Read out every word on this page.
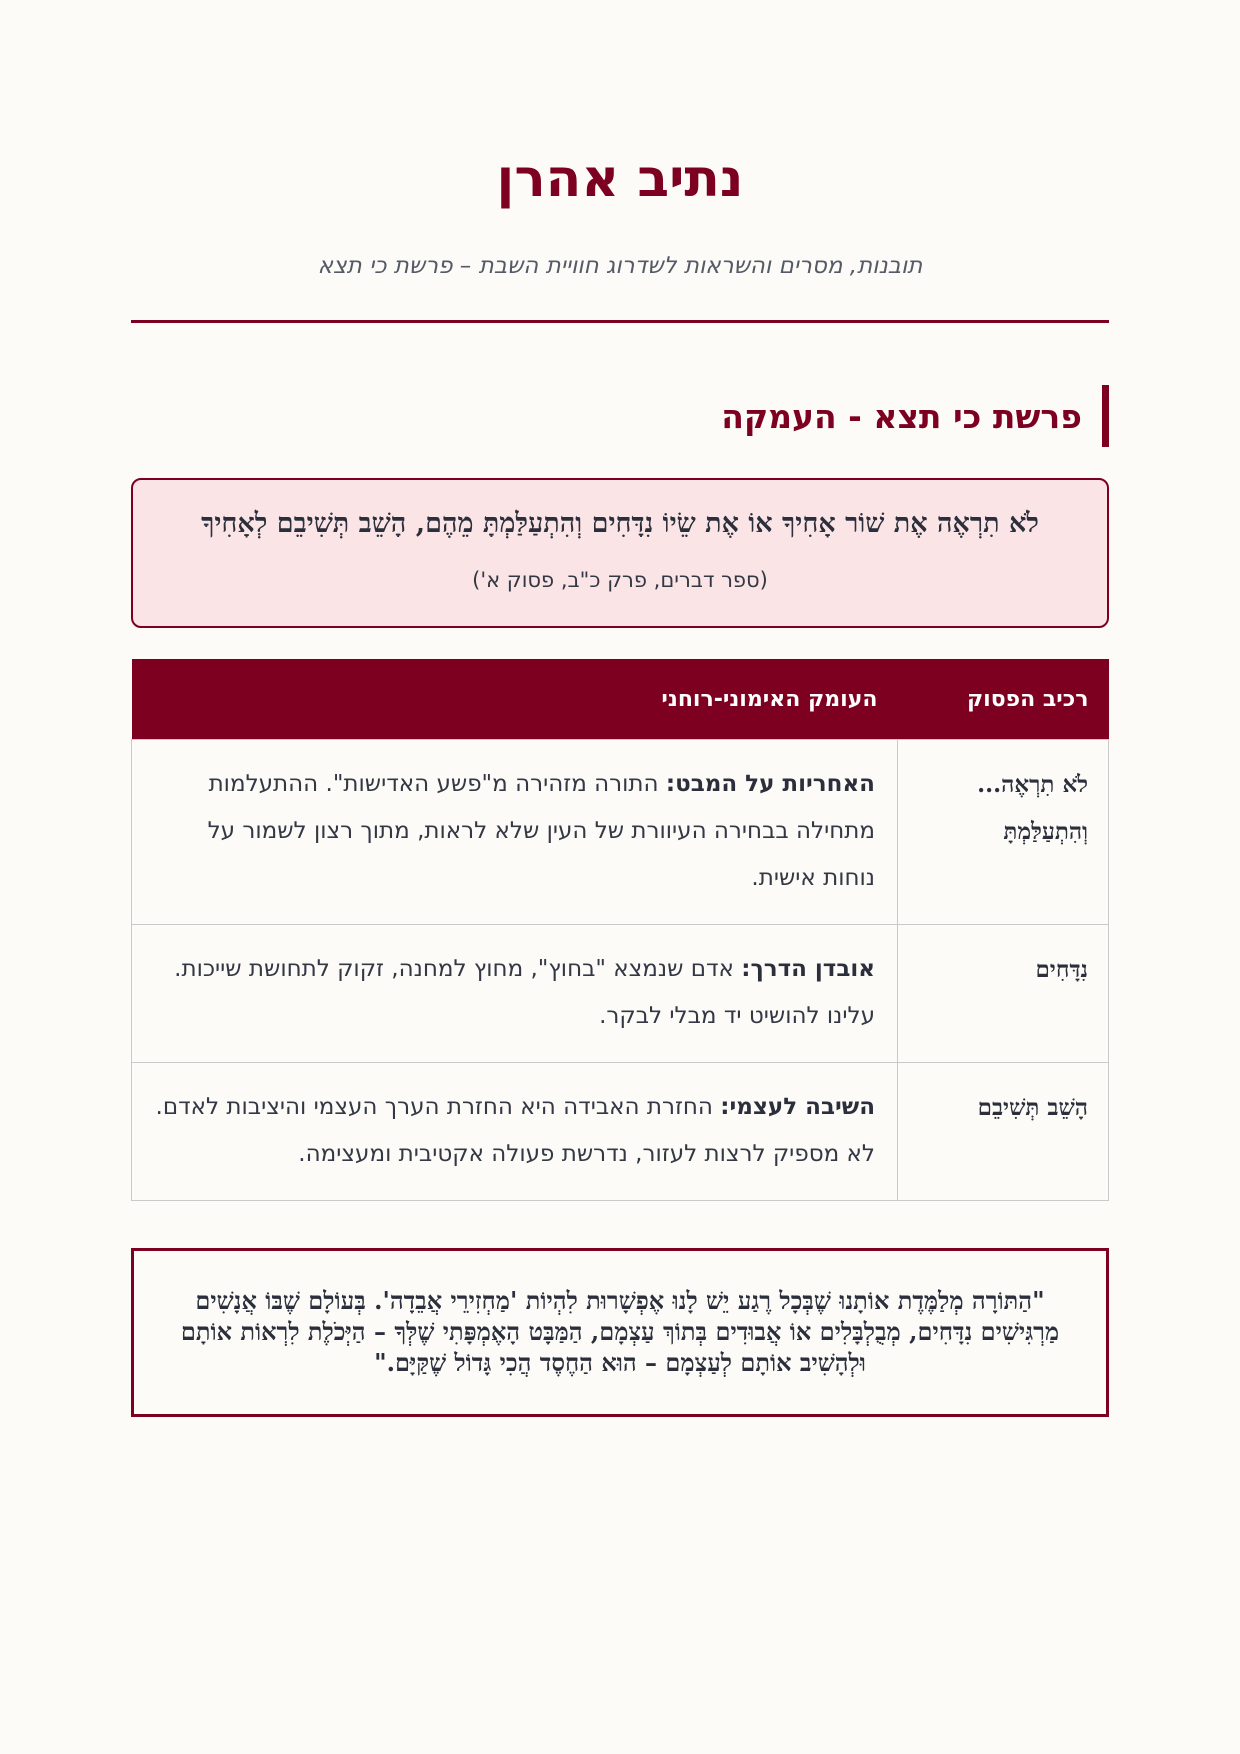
נתיב אהרן

תובנות, מסרים והשראות לשדרוג חוויית השבת – פרשת כי תצא

פרשת כי תצא - העמקה
לֹא תִרְאֶה אֶת שׁוֹר אָחִיךָ אוֹ אֶת שֵׂיוֹ נִדָּחִים וְהִתְעַלַּמְתָּ מֵהֶם, הָשֵׁב תְּשִׁיבֵם לְאָחִיךָ
(ספר דברים, פרק כ"ב, פסוק א')
רכיב הפסוק	העומק האימוני-רוחני
לֹא תִרְאֶה... וְהִתְעַלַּמְתָּ	האחריות על המבט: התורה מזהירה מ"פשע האדישות". ההתעלמות מתחילה בבחירה העיוורת של העין שלא לראות, מתוך רצון לשמור על נוחות אישית.
נִדָּחִים	אובדן הדרך: אדם שנמצא "בחוץ", מחוץ למחנה, זקוק לתחושת שייכות. עלינו להושיט יד מבלי לבקר.
הָשֵׁב תְּשִׁיבֵם	השיבה לעצמי: החזרת האבידה היא החזרת הערך העצמי והיציבות לאדם. לא מספיק לרצות לעזור, נדרשת פעולה אקטיבית ומעצימה.
"הַתּוֹרָה מְלַמֶּדֶת אוֹתָנוּ שֶׁבְּכָל רֶגַע יֵשׁ לָנוּ אֶפְשָׁרוּת לִהְיוֹת 'מַחְזִירֵי אֲבֵדָה'. בְּעוֹלָם שֶׁבּוֹ אֲנָשִׁים מַרְגִּישִׁים נִדָּחִים, מְבֻלְבָּלִים אוֹ אֲבוּדִים בְּתוֹךְ עַצְמָם, הַמַּבָּט הָאֶמְפָּתִי שֶׁלְּךָ – הַיְּכֹלֶת לִרְאוֹת אוֹתָם וּלְהָשִׁיב אוֹתָם לְעַצְמָם – הוּא הַחֶסֶד הֲכִי גָּדוֹל שֶׁקַּיָּם."
